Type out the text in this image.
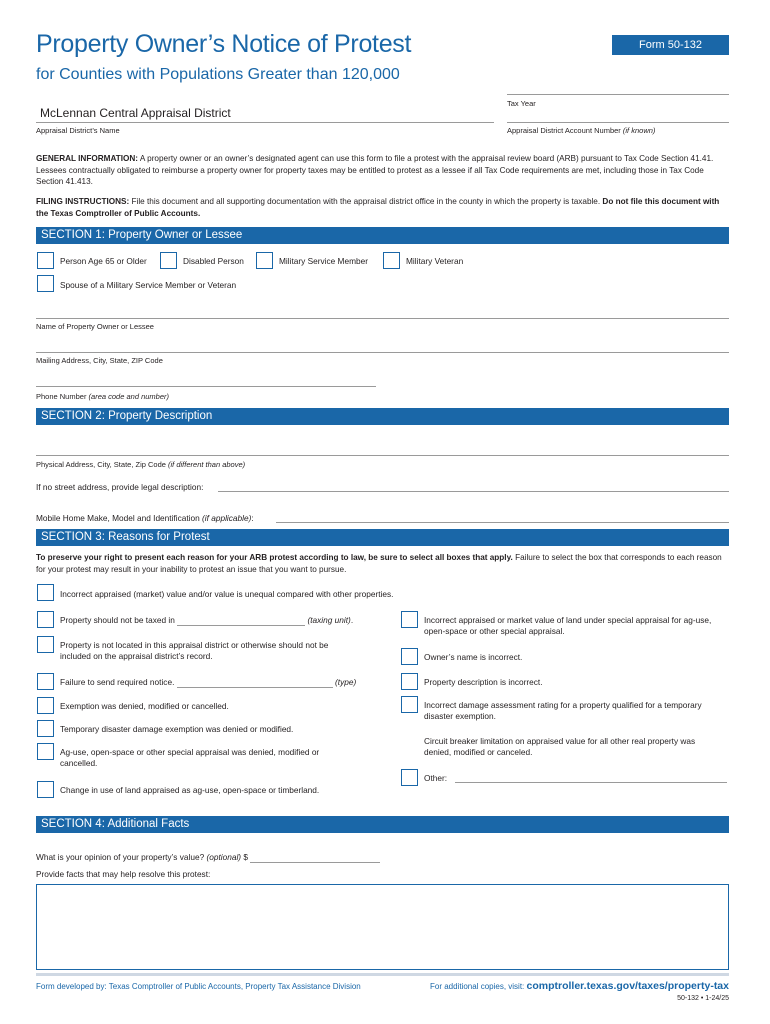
Property Owner’s Notice of Protest	Form 50-132
for Counties with Populations Greater than 120,000
Tax Year
McLennan Central Appraisal District
Appraisal District’s Name	Appraisal District Account Number (if known)
GENERAL INFORMATION: A property owner or an owner’s designated agent can use this form to file a protest with the appraisal review board (ARB) pursuant to Tax Code Section 41.41. Lessees contractually obligated to reimburse a property owner for property taxes may be entitled to protest as a lessee if all Tax Code requirements are met, including those in Tax Code Section 41.413.
FILING INSTRUCTIONS: File this document and all supporting documentation with the appraisal district office in the county in which the property is taxable. Do not file this document with the Texas Comptroller of Public Accounts.
SECTION 1: Property Owner or Lessee
Person Age 65 or Older	Disabled Person	Military Service Member	Military Veteran
Spouse of a Military Service Member or Veteran
Name of Property Owner or Lessee
Mailing Address, City, State, ZIP Code
Phone Number (area code and number)
SECTION 2: Property Description
Physical Address, City, State, Zip Code (if different than above)
If no street address, provide legal description:
Mobile Home Make, Model and Identification (if applicable):
SECTION 3: Reasons for Protest
To preserve your right to present each reason for your ARB protest according to law, be sure to select all boxes that apply. Failure to select the box that corresponds to each reason for your protest may result in your inability to protest an issue that you want to pursue.
Incorrect appraised (market) value and/or value is unequal compared with other properties.
Property should not be taxed in	(taxing unit).
Property is not located in this appraisal district or otherwise should not be included on the appraisal district’s record.
Failure to send required notice.	(type)
Exemption was denied, modified or cancelled.
Temporary disaster damage exemption was denied or modified.
Ag-use, open-space or other special appraisal was denied, modified or cancelled.
Change in use of land appraised as ag-use, open-space or timberland.
Incorrect appraised or market value of land under special appraisal for ag-use, open-space or other special appraisal.
Owner’s name is incorrect.
Property description is incorrect.
Incorrect damage assessment rating for a property qualified for a temporary disaster exemption.
Circuit breaker limitation on appraised value for all other real property was denied, modified or canceled.
Other:
SECTION 4: Additional Facts
What is your opinion of your property’s value? (optional) $
Provide facts that may help resolve this protest:
Form developed by: Texas Comptroller of Public Accounts, Property Tax Assistance Division	For additional copies, visit: comptroller.texas.gov/taxes/property-tax
50-132 • 1-24/25
